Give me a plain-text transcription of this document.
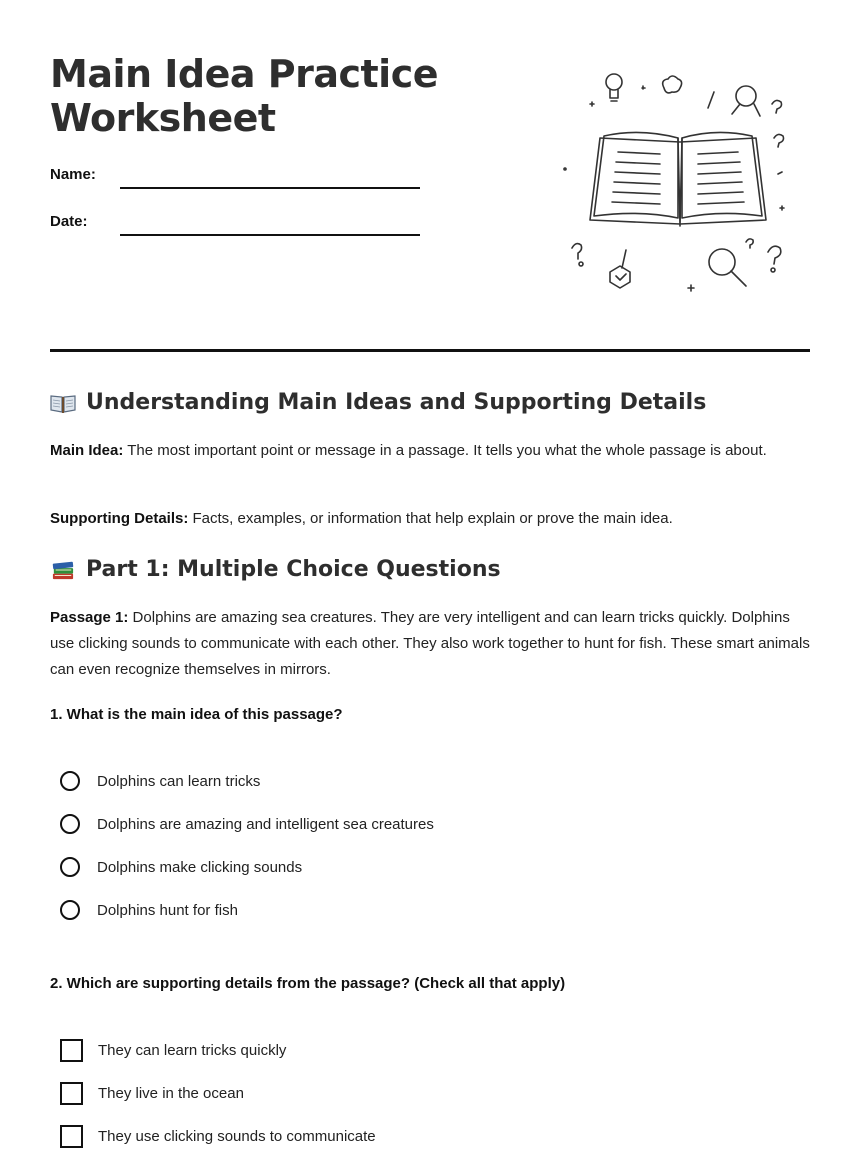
Main Idea Practice Worksheet
Name:
Date:
Understanding Main Ideas and Supporting Details

Main Idea: The most important point or message in a passage. It tells you what the whole passage is about.

Supporting Details: Facts, examples, or information that help explain or prove the main idea.

Part 1: Multiple Choice Questions

Passage 1: Dolphins are amazing sea creatures. They are very intelligent and can learn tricks quickly. Dolphins use clicking sounds to communicate with each other. They also work together to hunt for fish. These smart animals can even recognize themselves in mirrors.

1. What is the main idea of this passage?

Dolphins can learn tricks
Dolphins are amazing and intelligent sea creatures
Dolphins make clicking sounds
Dolphins hunt for fish

2. Which are supporting details from the passage? (Check all that apply)

They can learn tricks quickly
They live in the ocean
They use clicking sounds to communicate
